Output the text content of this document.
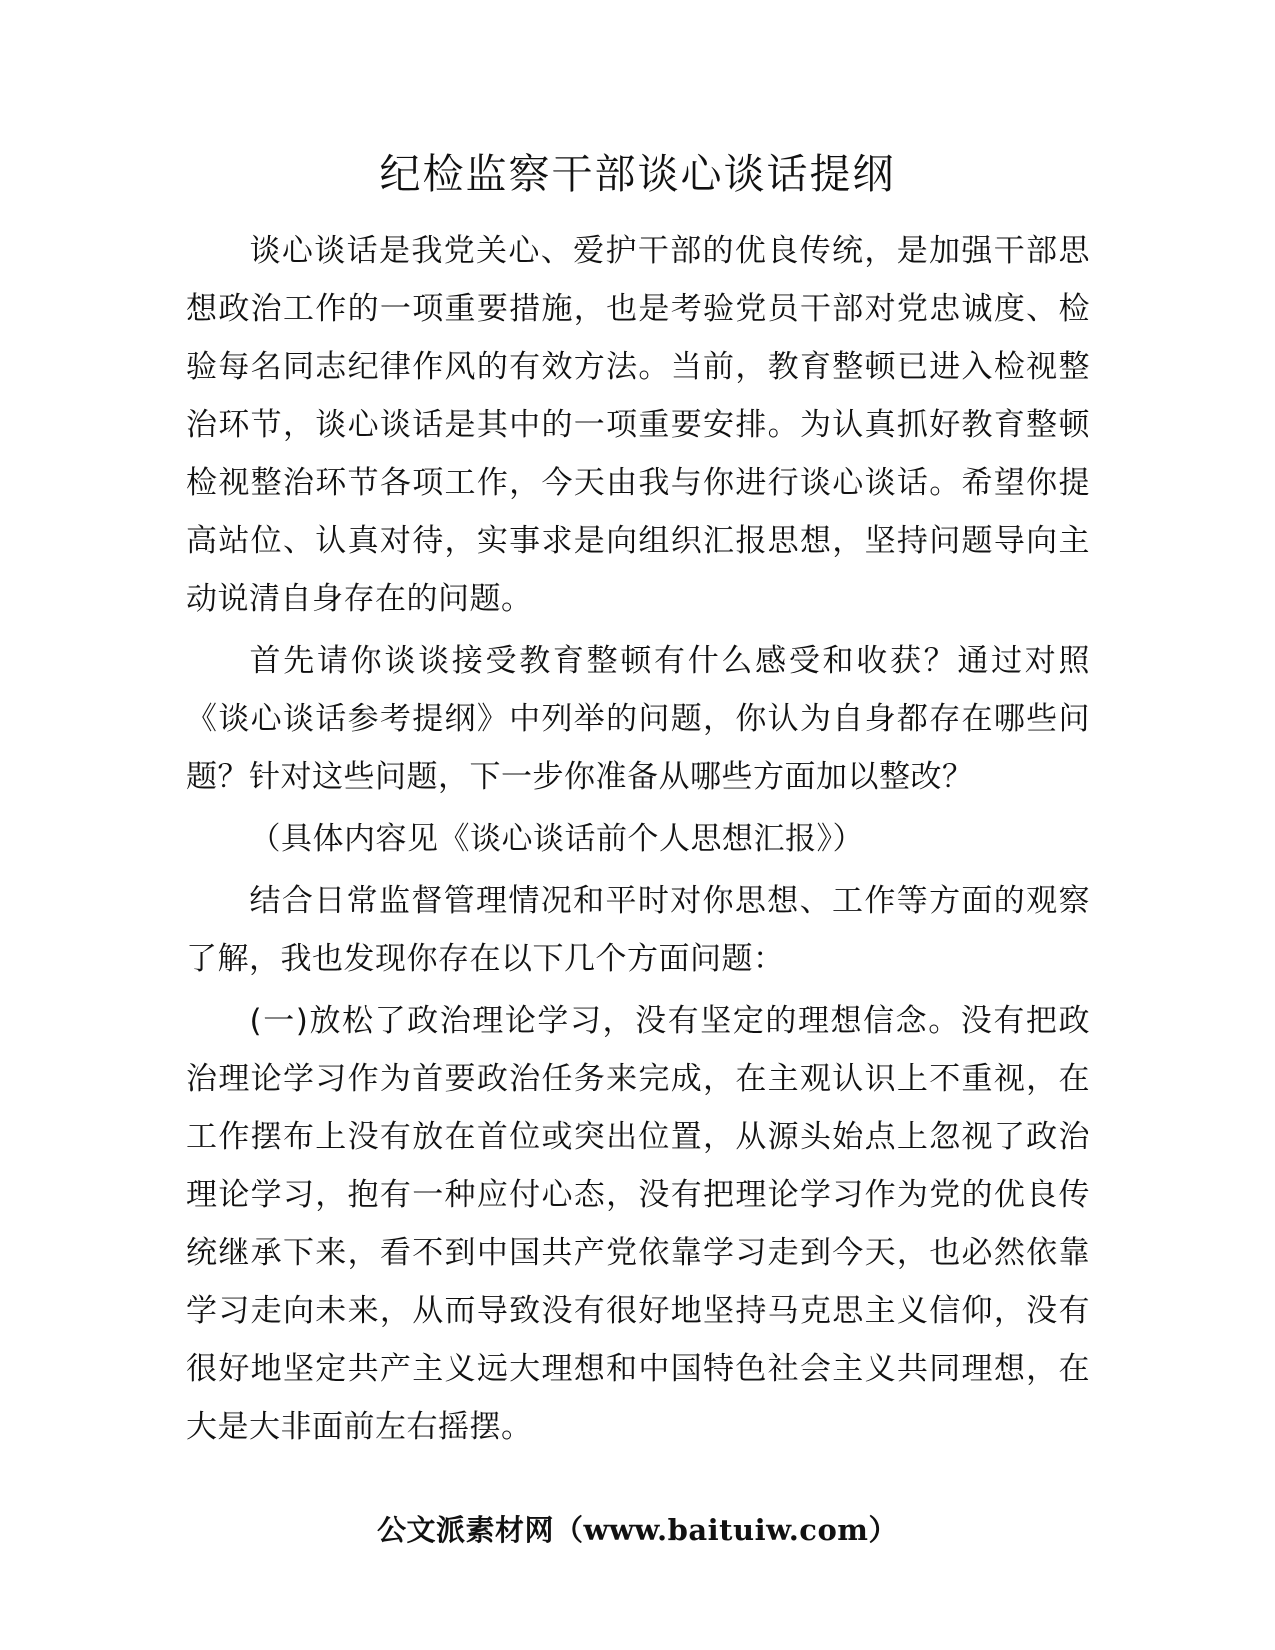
纪检监察干部谈心谈话提纲

谈心谈话是我党关心、爱护干部的优良传统，是加强干部思想政治工作的一项重要措施，也是考验党员干部对党忠诚度、检验每名同志纪律作风的有效方法。当前，教育整顿已进入检视整治环节，谈心谈话是其中的一项重要安排。为认真抓好教育整顿检视整治环节各项工作，今天由我与你进行谈心谈话。希望你提高站位、认真对待，实事求是向组织汇报思想，坚持问题导向主动说清自身存在的问题。

首先请你谈谈接受教育整顿有什么感受和收获？通过对照《谈心谈话参考提纲》中列举的问题，你认为自身都存在哪些问题？针对这些问题，下一步你准备从哪些方面加以整改？

（具体内容见《谈心谈话前个人思想汇报》）

结合日常监督管理情况和平时对你思想、工作等方面的观察了解，我也发现你存在以下几个方面问题：

(一)放松了政治理论学习，没有坚定的理想信念。没有把政治理论学习作为首要政治任务来完成，在主观认识上不重视，在工作摆布上没有放在首位或突出位置，从源头始点上忽视了政治理论学习，抱有一种应付心态，没有把理论学习作为党的优良传统继承下来，看不到中国共产党依靠学习走到今天，也必然依靠学习走向未来，从而导致没有很好地坚持马克思主义信仰，没有很好地坚定共产主义远大理想和中国特色社会主义共同理想，在大是大非面前左右摇摆。

公文派素材网（www.baituiw.com）
